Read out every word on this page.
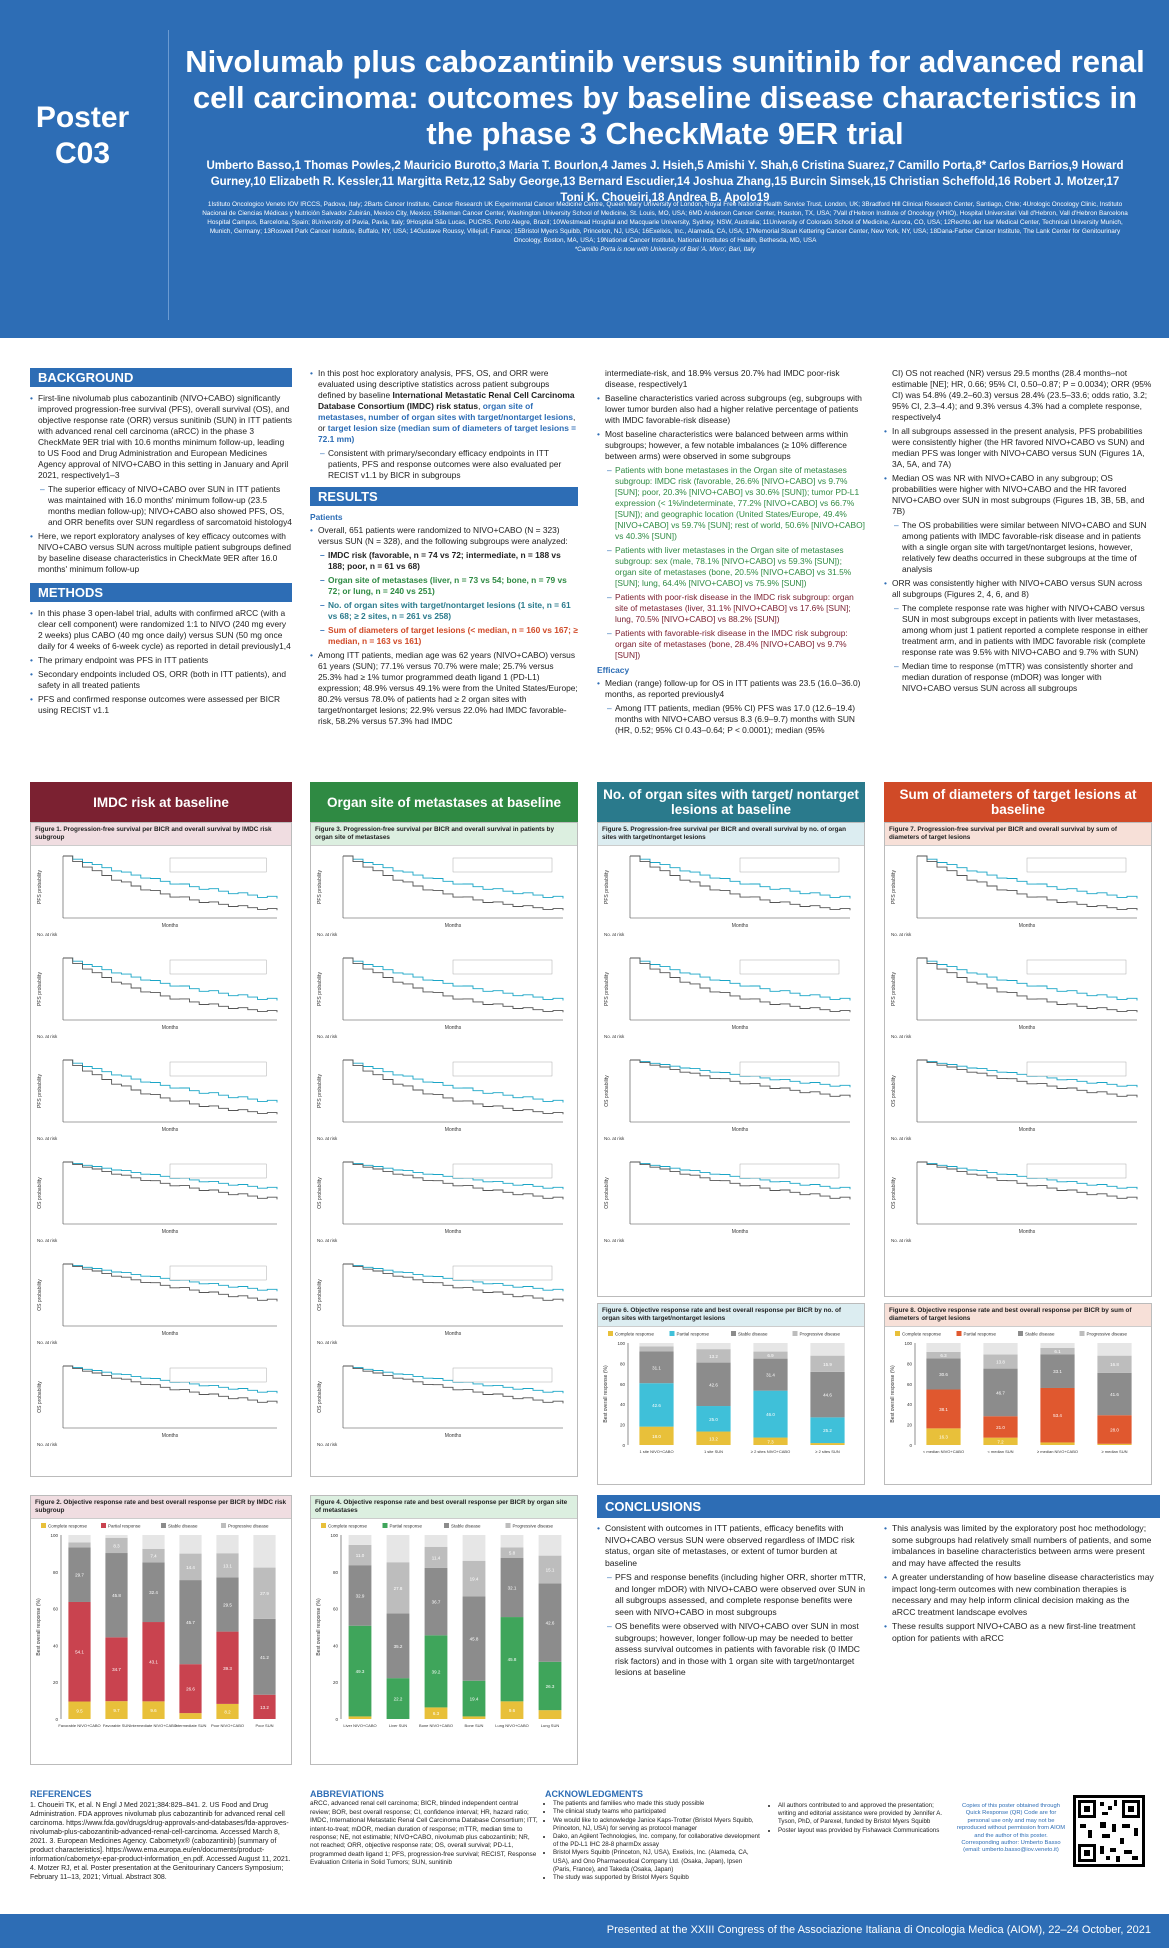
Poster
C03
Nivolumab plus cabozantinib versus sunitinib for advanced renal cell carcinoma: outcomes by baseline disease characteristics in the phase 3 CheckMate 9ER trial
Umberto Basso,1 Thomas Powles,2 Mauricio Burotto,3 Maria T. Bourlon,4 James J. Hsieh,5 Amishi Y. Shah,6 Cristina Suarez,7 Camillo Porta,8* Carlos Barrios,9 Howard Gurney,10 Elizabeth R. Kessler,11 Margitta Retz,12 Saby George,13 Bernard Escudier,14 Joshua Zhang,15 Burcin Simsek,15 Christian Scheffold,16 Robert J. Motzer,17 Toni K. Choueiri,18 Andrea B. Apolo19
1Istituto Oncologico Veneto IOV IRCCS, Padova, Italy; 2Barts Cancer Institute, Cancer Research UK Experimental Cancer Medicine Centre, Queen Mary University of London, Royal Free National Health Service Trust, London, UK; 3Bradford Hill Clinical Research Center, Santiago, Chile; 4Urologic Oncology Clinic, Instituto Nacional de Ciencias Médicas y Nutrición Salvador Zubirán, Mexico City, Mexico; 5Siteman Cancer Center, Washington University School of Medicine, St. Louis, MO, USA; 6MD Anderson Cancer Center, Houston, TX, USA; 7Vall d'Hebron Institute of Oncology (VHIO), Hospital Universitari Vall d'Hebron, Vall d'Hebron Barcelona Hospital Campus, Barcelona, Spain; 8University of Pavia, Pavia, Italy; 9Hospital São Lucas, PUCRS, Porto Alegre, Brazil; 10Westmead Hospital and Macquarie University, Sydney, NSW, Australia; 11University of Colorado School of Medicine, Aurora, CO, USA; 12Rechts der Isar Medical Center, Technical University Munich, Munich, Germany; 13Roswell Park Cancer Institute, Buffalo, NY, USA; 14Gustave Roussy, Villejuif, France; 15Bristol Myers Squibb, Princeton, NJ, USA; 16Exelixis, Inc., Alameda, CA, USA; 17Memorial Sloan Kettering Cancer Center, New York, NY, USA; 18Dana-Farber Cancer Institute, The Lank Center for Genitourinary Oncology, Boston, MA, USA; 19National Cancer Institute, National Institutes of Health, Bethesda, MD, USA
*Camillo Porta is now with University of Bari 'A. Moro', Bari, Italy
BACKGROUND
• First-line nivolumab plus cabozantinib (NIVO+CABO) significantly improved progression-free survival (PFS), overall survival (OS), and objective response rate (ORR) versus sunitinib (SUN) in ITT patients with advanced renal cell carcinoma (aRCC) in the phase 3 CheckMate 9ER trial with 10.6 months minimum follow-up, leading to US Food and Drug Administration and European Medicines Agency approval of NIVO+CABO in this setting in January and April 2021, respectively1–3
– The superior efficacy of NIVO+CABO over SUN in ITT patients was maintained with 16.0 months' minimum follow-up (23.5 months median follow-up); NIVO+CABO also showed PFS, OS, and ORR benefits over SUN regardless of sarcomatoid histology4
• Here, we report exploratory analyses of key efficacy outcomes with NIVO+CABO versus SUN across multiple patient subgroups defined by baseline disease characteristics in CheckMate 9ER after 16.0 months' minimum follow-up
METHODS
• In this phase 3 open-label trial, adults with confirmed aRCC (with a clear cell component) were randomized 1:1 to NIVO (240 mg every 2 weeks) plus CABO (40 mg once daily) versus SUN (50 mg once daily for 4 weeks of 6-week cycle) as reported in detail previously1,4
• The primary endpoint was PFS in ITT patients
• Secondary endpoints included OS, ORR (both in ITT patients), and safety in all treated patients
• PFS and confirmed response outcomes were assessed per BICR using RECIST v1.1
• In this post hoc exploratory analysis, PFS, OS, and ORR were evaluated using descriptive statistics across patient subgroups defined by baseline International Metastatic Renal Cell Carcinoma Database Consortium (IMDC) risk status, organ site of metastases, number of organ sites with target/nontarget lesions, or target lesion size (median sum of diameters of target lesions = 72.1 mm)
– Consistent with primary/secondary efficacy endpoints in ITT patients, PFS and response outcomes were also evaluated per RECIST v1.1 by BICR in subgroups
RESULTS
Patients
• Overall, 651 patients were randomized to NIVO+CABO (N = 323) versus SUN (N = 328), and the following subgroups were analyzed:
– IMDC risk (favorable, n = 74 vs 72; intermediate, n = 188 vs 188; poor, n = 61 vs 68)
– Organ site of metastases (liver, n = 73 vs 54; bone, n = 79 vs 72; or lung, n = 240 vs 251)
– No. of organ sites with target/nontarget lesions (1 site, n = 61 vs 68; ≥ 2 sites, n = 261 vs 258)
– Sum of diameters of target lesions (< median, n = 160 vs 167; ≥ median, n = 163 vs 161)
• Among ITT patients, median age was 62 years (NIVO+CABO) versus 61 years (SUN); 77.1% versus 70.7% were male; 25.7% versus 25.3% had ≥ 1% tumor programmed death ligand 1 (PD-L1) expression; 48.9% versus 49.1% were from the United States/Europe; 80.2% versus 78.0% of patients had ≥ 2 organ sites with target/nontarget lesions; 22.9% versus 22.0% had IMDC favorable-risk, 58.2% versus 57.3% had IMDC

intermediate-risk, and 18.9% versus 20.7% had IMDC poor-risk disease, respectively1

• Baseline characteristics varied across subgroups (eg, subgroups with lower tumor burden also had a higher relative percentage of patients with IMDC favorable-risk disease)
• Most baseline characteristics were balanced between arms within subgroups; however, a few notable imbalances (≥ 10% difference between arms) were observed in some subgroups
– Patients with bone metastases in the Organ site of metastases subgroup: IMDC risk (favorable, 26.6% [NIVO+CABO] vs 9.7% [SUN]; poor, 20.3% [NIVO+CABO] vs 30.6% [SUN]); tumor PD-L1 expression (< 1%/indeterminate, 77.2% [NIVO+CABO] vs 66.7% [SUN]); and geographic location (United States/Europe, 49.4% [NIVO+CABO] vs 59.7% [SUN]; rest of world, 50.6% [NIVO+CABO] vs 40.3% [SUN])
– Patients with liver metastases in the Organ site of metastases subgroup: sex (male, 78.1% [NIVO+CABO] vs 59.3% [SUN]); organ site of metastases (bone, 20.5% [NIVO+CABO] vs 31.5% [SUN]; lung, 64.4% [NIVO+CABO] vs 75.9% [SUN])
– Patients with poor-risk disease in the IMDC risk subgroup: organ site of metastases (liver, 31.1% [NIVO+CABO] vs 17.6% [SUN]; lung, 70.5% [NIVO+CABO] vs 88.2% [SUN])
– Patients with favorable-risk disease in the IMDC risk subgroup: organ site of metastases (bone, 28.4% [NIVO+CABO] vs 9.7% [SUN])
Efficacy
• Median (range) follow-up for OS in ITT patients was 23.5 (16.0–36.0) months, as reported previously4
– Among ITT patients, median (95% CI) PFS was 17.0 (12.6–19.4) months with NIVO+CABO versus 8.3 (6.9–9.7) months with SUN (HR, 0.52; 95% CI 0.43–0.64; P < 0.0001); median (95%

CI) OS not reached (NR) versus 29.5 months (28.4 months–not estimable [NE]; HR, 0.66; 95% CI, 0.50–0.87; P = 0.0034); ORR (95% CI) was 54.8% (49.2–60.3) versus 28.4% (23.5–33.6; odds ratio, 3.2; 95% CI, 2.3–4.4); and 9.3% versus 4.3% had a complete response, respectively4

• In all subgroups assessed in the present analysis, PFS probabilities were consistently higher (the HR favored NIVO+CABO vs SUN) and median PFS was longer with NIVO+CABO versus SUN (Figures 1A, 3A, 5A, and 7A)
• Median OS was NR with NIVO+CABO in any subgroup; OS probabilities were higher with NIVO+CABO and the HR favored NIVO+CABO over SUN in most subgroups (Figures 1B, 3B, 5B, and 7B)
– The OS probabilities were similar between NIVO+CABO and SUN among patients with IMDC favorable-risk disease and in patients with a single organ site with target/nontarget lesions, however, relatively few deaths occurred in these subgroups at the time of analysis
• ORR was consistently higher with NIVO+CABO versus SUN across all subgroups (Figures 2, 4, 6, and 8)
– The complete response rate was higher with NIVO+CABO versus SUN in most subgroups except in patients with liver metastases, among whom just 1 patient reported a complete response in either treatment arm, and in patients with IMDC favorable risk (complete response rate was 9.5% with NIVO+CABO and 9.7% with SUN)
– Median time to response (mTTR) was consistently shorter and median duration of response (mDOR) was longer with NIVO+CABO versus SUN across all subgroups
IMDC risk at baseline	Organ site of metastases at baseline	No. of organ sites with target/ nontarget lesions at baseline
Sum of diameters of target lesions at baseline
Figure 1. Progression-free survival per BICR and overall survival by IMDC risk subgroup
PFS probability
Months
No. at risk
PFS probability
Months
No. at risk
PFS probability
Months
No. at risk
OS probability
Months
No. at risk
OS probability
Months
No. at risk
OS probability
Months
No. at risk
Figure 3. Progression-free survival per BICR and overall survival in patients by organ site of metastases
PFS probability
Months
No. at risk
PFS probability
Months
No. at risk
PFS probability
Months
No. at risk
OS probability
Months
No. at risk
OS probability
Months
No. at risk
OS probability
Months
No. at risk
Figure 5. Progression-free survival per BICR and overall survival by no. of organ sites with target/nontarget lesions
PFS probability
Months
No. at risk
PFS probability
Months
No. at risk
OS probability
Months
No. at risk
OS probability
Months
No. at risk
Figure 7. Progression-free survival per BICR and overall survival by sum of diameters of target lesions
PFS probability
Months
No. at risk
PFS probability
Months
No. at risk
OS probability
Months
No. at risk
OS probability
Months
No. at risk
Figure 6. Objective response rate and best overall response per BICR by no. of organ sites with target/nontarget lesions
Complete response	Partial response	Stable disease	Progressive disease
Best overall response (%)
0
20
40
60
80
100
18.0
42.6
31.1
1 site NIVO+CABO
13.2
25.0
42.6
13.2
1 site SUN
7.3
46.0
31.4
6.9
≥ 2 sites NIVO+CABO
25.2
44.6
15.9
≥ 2 sites SUN
Figure 8. Objective response rate and best overall response per BICR by sum of diameters of target lesions
Complete response	Partial response	Stable disease	Progressive disease
Best overall response (%)
0
20
40
60
80
100
16.3
38.1
30.6
6.3
< median NIVO+CABO
7.2
21.0
46.7
13.8
< median SUN
53.4
33.1
6.1
≥ median NIVO+CABO
28.0
41.6
16.8
≥ median SUN
Figure 2. Objective response rate and best overall response per BICR by IMDC risk subgroup
Complete response	Partial response	Stable disease	Progressive disease
Best overall response (%)
0
20
40
60
80
100
9.5
54.1
29.7
Favorable NIVO+CABO
9.7
34.7
45.8
8.3
Favorable SUN
9.6
43.1
32.4
7.4
Intermediate NIVO+CABO
26.6
45.7
14.4
Intermediate SUN
8.2
39.3
29.5
13.1
Poor NIVO+CABO
13.2
41.2
27.9
Poor SUN
Figure 4. Objective response rate and best overall response per BICR by organ site of metastases
Complete response	Partial response	Stable disease	Progressive disease
Best overall response (%)
0
20
40
60
80
100
49.3
32.9
11.0
Liver NIVO+CABO
22.2
35.2
27.8
Liver SUN
6.3
39.2
36.7
11.4
Bone NIVO+CABO
19.4
45.8
19.4
Bone SUN
9.6
45.8
32.1
5.8
Lung NIVO+CABO
26.3
42.6
15.1
Lung SUN
CONCLUSIONS
• Consistent with outcomes in ITT patients, efficacy benefits with NIVO+CABO versus SUN were observed regardless of IMDC risk status, organ site of metastases, or extent of tumor burden at baseline
– PFS and response benefits (including higher ORR, shorter mTTR, and longer mDOR) with NIVO+CABO were observed over SUN in all subgroups assessed, and complete response benefits were seen with NIVO+CABO in most subgroups
– OS benefits were observed with NIVO+CABO over SUN in most subgroups; however, longer follow-up may be needed to better assess survival outcomes in patients with favorable risk (0 IMDC risk factors) and in those with 1 organ site with target/nontarget lesions at baseline
• This analysis was limited by the exploratory post hoc methodology; some subgroups had relatively small numbers of patients, and some imbalances in baseline characteristics between arms were present and may have affected the results
• A greater understanding of how baseline disease characteristics may impact long-term outcomes with new combination therapies is necessary and may help inform clinical decision making as the aRCC treatment landscape evolves
• These results support NIVO+CABO as a new first-line treatment option for patients with aRCC
REFERENCES
1. Choueiri TK, et al. N Engl J Med 2021;384:829–841. 2. US Food and Drug Administration. FDA approves nivolumab plus cabozantinib for advanced renal cell carcinoma. https://www.fda.gov/drugs/drug-approvals-and-databases/fda-approves-nivolumab-plus-cabozantinib-advanced-renal-cell-carcinoma. Accessed March 8, 2021. 3. European Medicines Agency. Cabometyx® (cabozantinib) [summary of product characteristics]. https://www.ema.europa.eu/en/documents/product-information/cabometyx-epar-product-information_en.pdf. Accessed August 11, 2021. 4. Motzer RJ, et al. Poster presentation at the Genitourinary Cancers Symposium; February 11–13, 2021; Virtual. Abstract 308.
ABBREVIATIONS
aRCC, advanced renal cell carcinoma; BICR, blinded independent central review; BOR, best overall response; CI, confidence interval; HR, hazard ratio; IMDC, International Metastatic Renal Cell Carcinoma Database Consortium; ITT, intent-to-treat; mDOR, median duration of response; mTTR, median time to response; NE, not estimable; NIVO+CABO, nivolumab plus cabozantinib; NR, not reached; ORR, objective response rate; OS, overall survival; PD-L1, programmed death ligand 1; PFS, progression-free survival; RECIST, Response Evaluation Criteria in Solid Tumors; SUN, sunitinib
ACKNOWLEDGMENTS
• The patients and families who made this study possible
• The clinical study teams who participated
• We would like to acknowledge Janice Kaps-Trotter (Bristol Myers Squibb, Princeton, NJ, USA) for serving as protocol manager
• Dako, an Agilent Technologies, Inc. company, for collaborative development of the PD-L1 IHC 28-8 pharmDx assay
• Bristol Myers Squibb (Princeton, NJ, USA), Exelixis, Inc. (Alameda, CA, USA), and Ono Pharmaceutical Company Ltd. (Osaka, Japan), Ipsen (Paris, France), and Takeda (Osaka, Japan)
• The study was supported by Bristol Myers Squibb
• All authors contributed to and approved the presentation; writing and editorial assistance were provided by Jennifer A. Tyson, PhD, of Parexel, funded by Bristol Myers Squibb
• Poster layout was provided by Fishawack Communications
Copies of this poster obtained through Quick Response (QR) Code are for personal use only and may not be reproduced without permission from AIOM and the author of this poster. Corresponding author: Umberto Basso (email: umberto.basso@iov.veneto.it)
Presented at the XXIII Congress of the Associazione Italiana di Oncologia Medica (AIOM), 22–24 October, 2021
